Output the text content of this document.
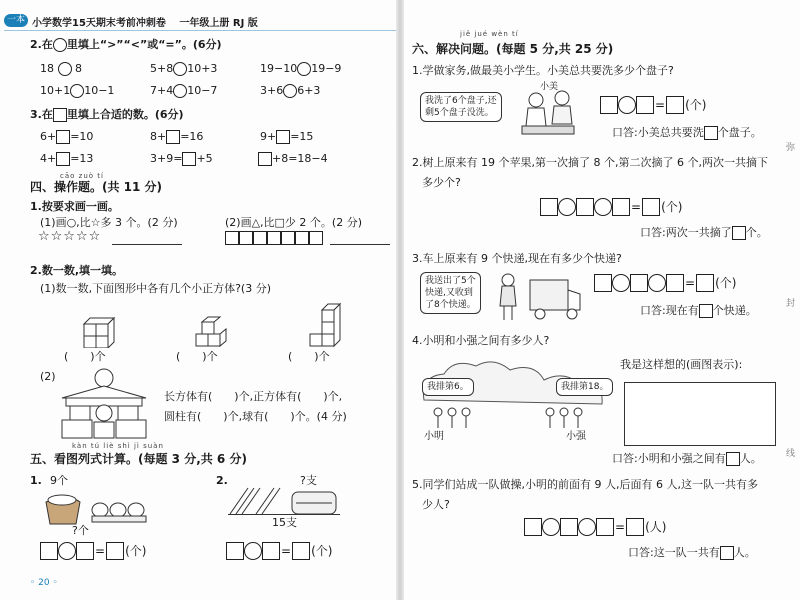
一本 小学数学15天期末考前冲刺卷　 一年级上册 RJ 版
2.在 里填上“>”“<”或“=”。(6分)
18 8	5+8 10+3	19−10 19−9
10+1 10−1	7+4 10−7	3+6 6+3
3.在 里填上合适的数。(6分)
6+ =10	8+ =16	9+ =15
4+ =13	3+9= +5	+8=18−4
cāo zuò tí
四、操作题。(共 11 分)
1.按要求画一画。
(1)画○,比☆多 3 个。(2 分)	(2)画△,比□少 2 个。(2 分)
☆☆☆☆☆
2.数一数,填一填。
(1)数一数,下面图形中各有几个小正方体?(3 分)
(　　)个	(　　)个	(　　)个
(2)
长方体有(　　)个,正方体有(　　)个,
圆柱有(　　)个,球有(　　)个。(4 分)
kàn tú liè shì jì suàn
五、看图列式计算。(每题 3 分,共 6 分)
1. 9个
?个
= (个)
2.	?支
15支
= (个)
◦ 20 ◦
jiě jué wèn tí
六、解决问题。(每题 5 分,共 25 分)
1.学做家务,做最美小学生。小美总共要洗多少个盘子?
我洗了6个盘子,还
剩5个盘子没洗。
小美
= (个)
口答:小美总共要洗 个盘子。
2.树上原来有 19 个苹果,第一次摘了 8 个,第二次摘了 6 个,两次一共摘下
多少个?
= (个)
口答:两次一共摘了 个。
3.车上原来有 9 个快递,现在有多少个快递?
我送出了5个
快递,又收到
了8个快递。
= (个)
口答:现在有 个快递。
4.小明和小强之间有多少人?
我是这样想的(画图表示):
我排第6。	我排第18。
小明	小强
口答:小明和小强之间有 人。
5.同学们站成一队做操,小明的前面有 9 人,后面有 6 人,这一队一共有多
少人?
= (人)
口答:这一队一共有 人。
弥
封
线
